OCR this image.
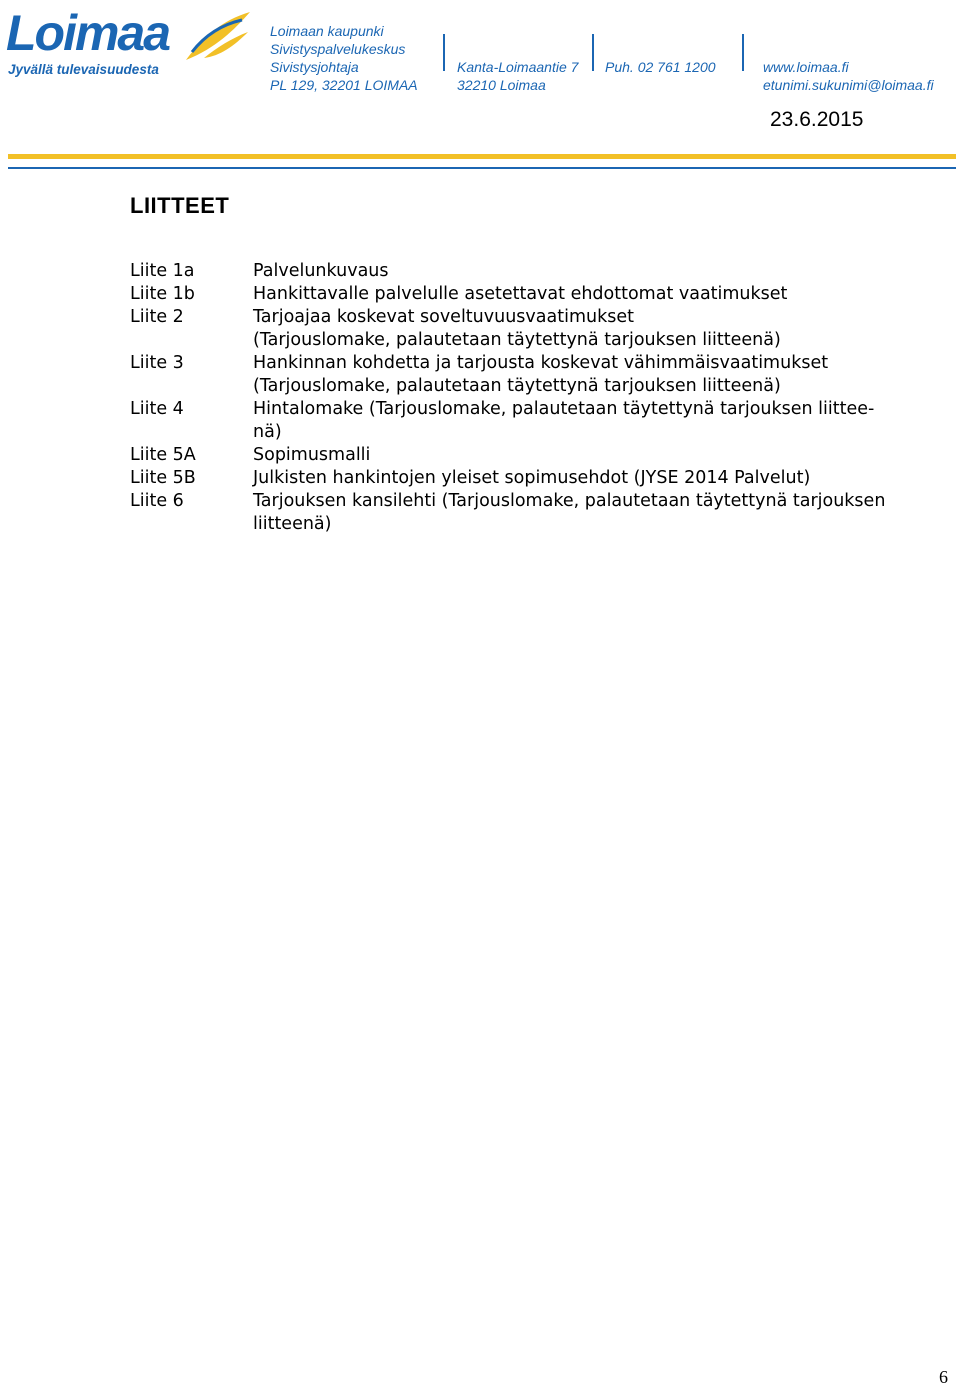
Loimaa
Jyvällä tulevaisuudesta
Loimaan kaupunki
Sivistyspalvelukeskus
Sivistysjohtaja
PL 129, 32201 LOIMAA
Kanta-Loimaantie 7
32210 Loimaa
Puh. 02 761 1200	www.loimaa.fi
etunimi.sukunimi@loimaa.fi
23.6.2015
LIITTEET
Liite 1a	Palvelunkuvaus
Liite 1b	Hankittavalle palvelulle asetettavat ehdottomat vaatimukset
Liite 2	Tarjoajaa koskevat soveltuvuusvaatimukset
(Tarjouslomake, palautetaan täytettynä tarjouksen liitteenä)
Liite 3	Hankinnan kohdetta ja tarjousta koskevat vähimmäisvaatimukset
(Tarjouslomake, palautetaan täytettynä tarjouksen liitteenä)
Liite 4	Hintalomake (Tarjouslomake, palautetaan täytettynä tarjouksen liittee-
nä)
Liite 5A	Sopimusmalli
Liite 5B	Julkisten hankintojen yleiset sopimusehdot (JYSE 2014 Palvelut)
Liite 6	Tarjouksen kansilehti (Tarjouslomake, palautetaan täytettynä tarjouksen
liitteenä)
6
